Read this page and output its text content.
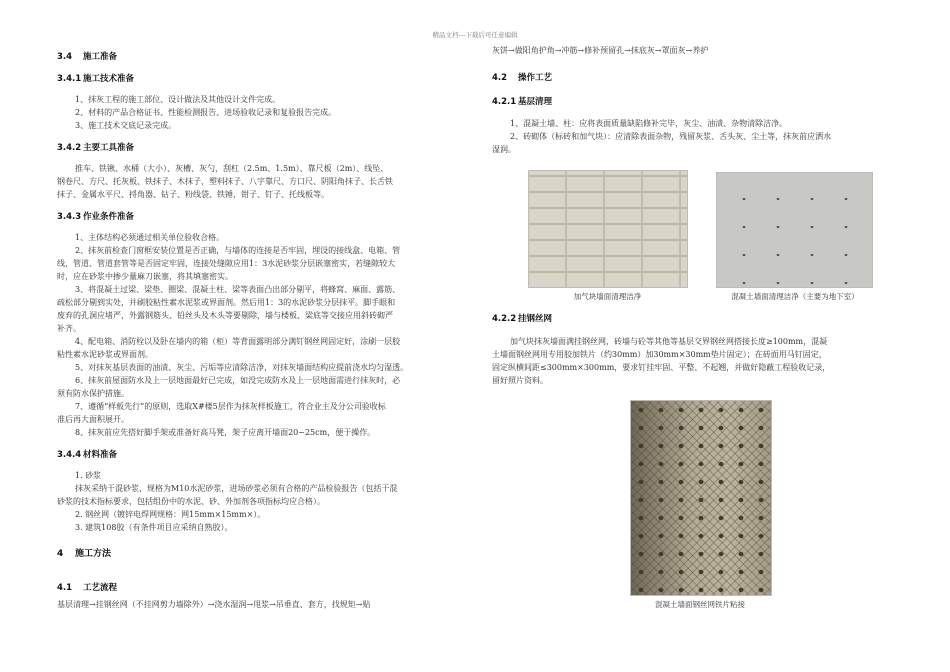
精品文档---下载后可任意编辑
3.4 施工准备
3.4.1 施工技术准备
1、抹灰工程的施工部位、设计做法及其他设计文件完成。
2、材料的产品合格证书、性能检测报告、进场验收记录和复验报告完成。
3、施工技术交底记录完成。
3.4.2 主要工具准备
推车、铁锹、水桶（大小）、灰槽、灰勺，刮杠（2.5m、1.5m）、靠尺板（2m）、线坠、
钢卷尺、方尺、托灰板、铁抹子、木抹子，塑料抹子、八字靠尺、方口尺、阴阳角抹子、长舌铁
抹子、金属水平尺、捋角器、钻子、粉线袋、铁锤，钳子、钉子、托线板等。
3.4.3 作业条件准备
1、主体结构必须通过相关单位验收合格。
2、抹灰前检查门窗框安装位置是否正确，与墙体的连接是否牢固，埋设的接线盒、电箱、管
线，管道、管道套管等是否固定牢固，连接处缝隙应用1：3水泥砂浆分层嵌塞密实，若缝隙较大
时，应在砂浆中掺少量麻刀嵌塞，将其填塞密实。
3、将混凝土过梁、梁垫、圈梁、混凝土柱、梁等表面凸出部分剔平，将蜂窝、麻面、露筋、
疏松部分剔到实处，并刷胶粘性素水泥浆或界面剂。然后用1：3的水泥砂浆分层抹平。脚手眼和
废弃的孔洞应堵严，外露钢筋头、铅丝头及木头等要剔除，墙与楼板、梁底等交接应用斜砖砌严
补齐。
4、配电箱、消防栓以及卧在墙内的箱（柜）等背面露明部分满钉钢丝网固定好，涂刷一层胶
粘性素水泥砂浆或界面剂。
5、对抹灰基层表面的油渍、灰尘、污垢等应清除洁净，对抹灰墙面结构应提前浇水均匀湿透。
6、抹灰前屋面防水及上一层地面最好已完成，如没完成防水及上一层地面需进行抹灰时，必
须有防水保护措施。
7、遵循“样板先行”的原则，选取X#楼5层作为抹灰样板施工，符合业主及分公司验收标
准后再大面积展开。
8、抹灰前应先搭好脚手架或准备好高马凳，架子应离开墙面20~25cm，便于操作。
3.4.4 材料准备
1. 砂浆
抹灰采纳干混砂浆，规格为M10水泥砂浆，进场砂浆必须有合格的产品检验报告（包括干混
砂浆的技术指标要求，包括组份中的水泥、砂、外加剂各项指标均应合格）。
2. 钢丝网（镀锌电焊网规格：网15mm×15mm×）。
3. 建筑108胶（有条件项目应采纳自熟胶）。
4 施工方法
4.1 工艺流程
基层清理→挂钢丝网（不挂网剪力墙除外）→浇水湿润→甩浆→吊垂直、套方，找规矩→贴
灰饼→做阳角护角→冲筋→修补预留孔→抹底灰→罩面灰→养护
4.2 操作工艺
4.2.1 基层清理
1、混凝土墙、柱：应将表面质量缺陷修补完毕，灰尘、油渍、杂物清除洁净。
2、砖砌体（标砖和加气块）：应清除表面杂物，残留灰浆、舌头灰、尘土等，抹灰前应洒水
湿润。
加气块墙面清理洁净	混凝土墙面清理洁净（主要为地下室）
4.2.2 挂钢丝网
加气块抹灰墙面满挂钢丝网，砖墙与砼等其他等基层交界钢丝网搭接长度≥100mm，混凝
土墙面钢丝网用专用胶加铁片（约30mm）加30mm×30mm垫片固定）；在砖面用马钉固定，
固定纵横间距≤300mm×300mm，要求钉挂牢固、平整、不起翘，并做好隐蔽工程验收记录，
留好照片资料。
混凝土墙面钢丝网铁片粘接
